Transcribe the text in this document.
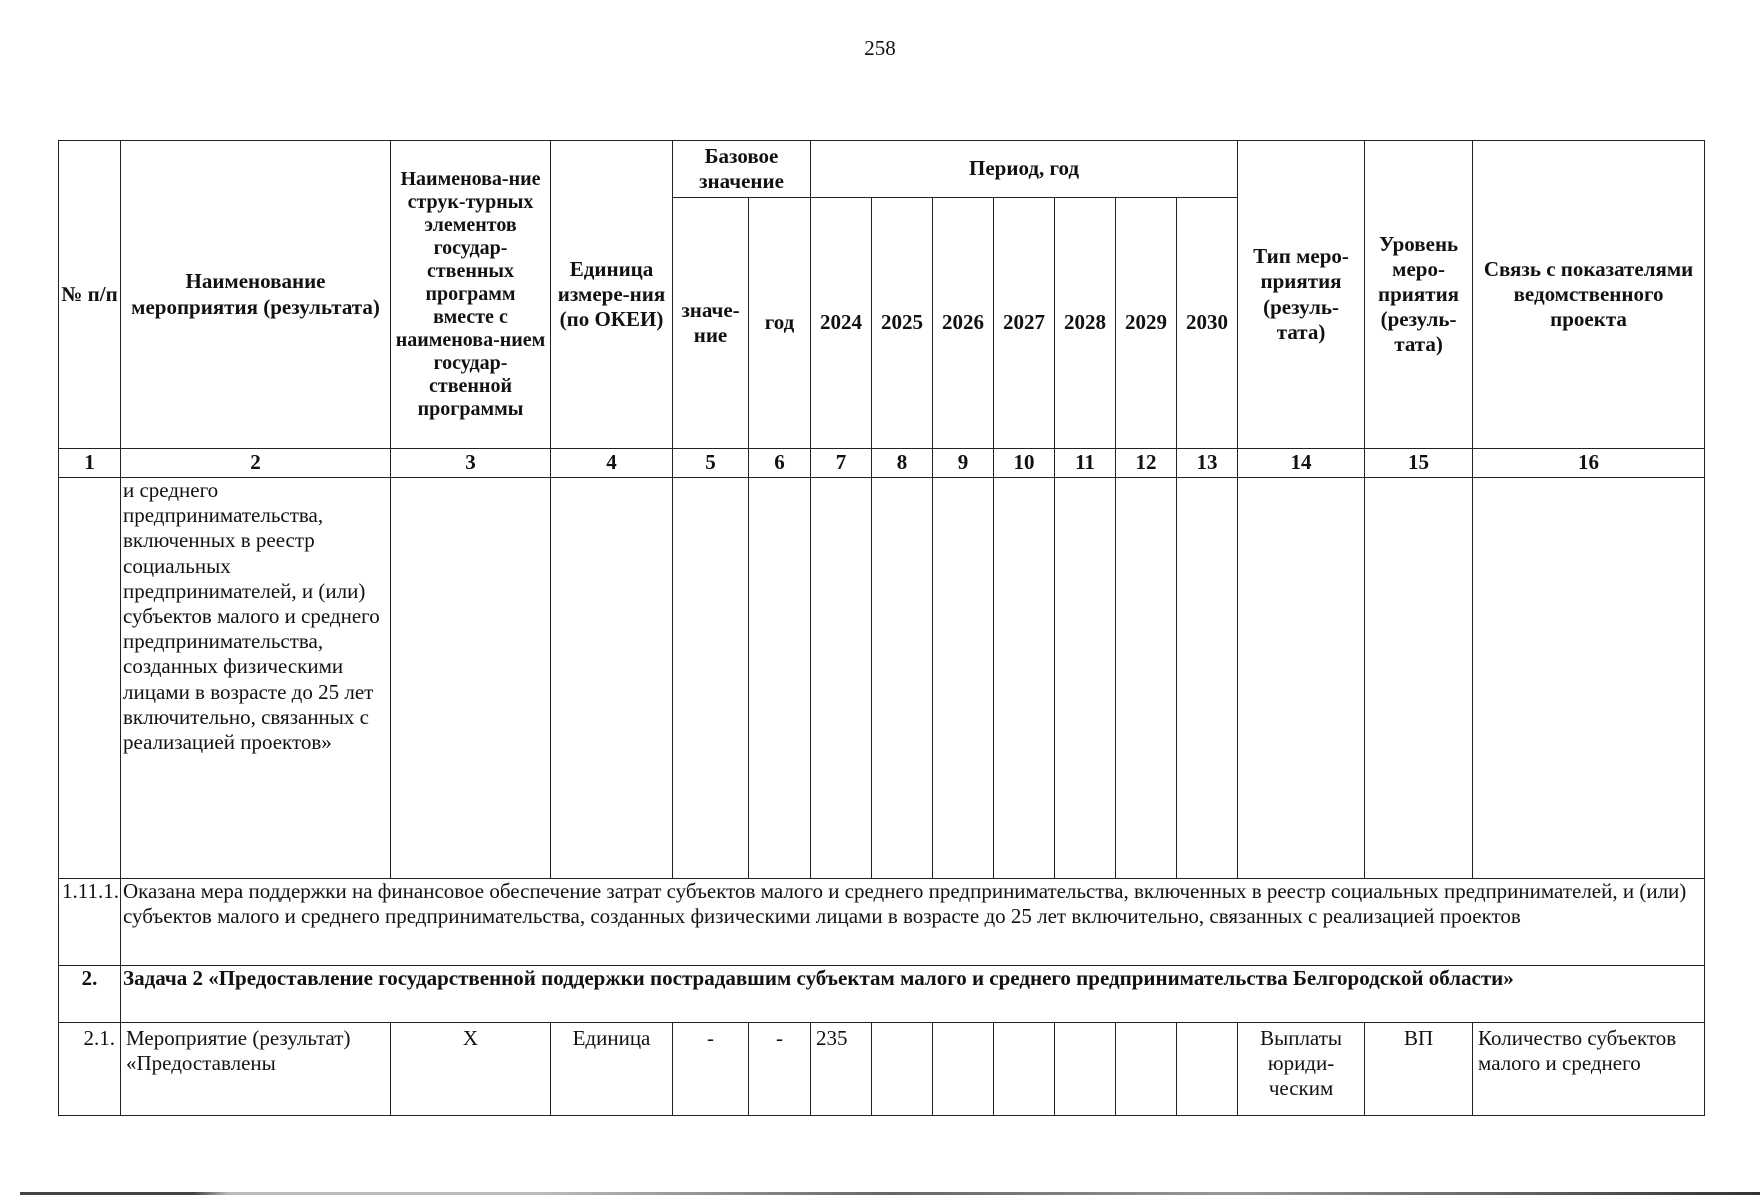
258
№ п/п	Наименование мероприятия (результата)	Наименова-ние струк-турных элементов государ-ственных программ вместе с наименова-нием государ-ственной программы	Единица измере-ния (по ОКЕИ)	Базовое значение		Период, год							Тип меро-приятия (резуль-тата)	Уровень меро-приятия (резуль-тата)	Связь с показателями ведомственного проекта
				значе-ние	год	2024	2025	2026	2027	2028	2029	2030			
1	2	3	4	5	6	7	8	9	10	11	12	13	14	15	16
	и среднего предпринимательства, включенных в реестр социальных предпринимателей, и (или) субъектов малого и среднего предпринимательства, созданных физическими лицами в возрасте до 25 лет включительно, связанных с реализацией проектов»														
1.11.1.	Оказана мера поддержки на финансовое обеспечение затрат субъектов малого и среднего предпринимательства, включенных в реестр социальных предпринимателей, и (или) субъектов малого и среднего предпринимательства, созданных физическими лицами в возрасте до 25 лет включительно, связанных с реализацией проектов														
2.	Задача 2 «Предоставление государственной поддержки пострадавшим субъектам малого и среднего предпринимательства Белгородской области»														
2.1.	Мероприятие (результат) «Предоставлены	Х	Единица	-	-	235							Выплаты юриди-ческим	ВП	Количество субъектов малого и среднего
